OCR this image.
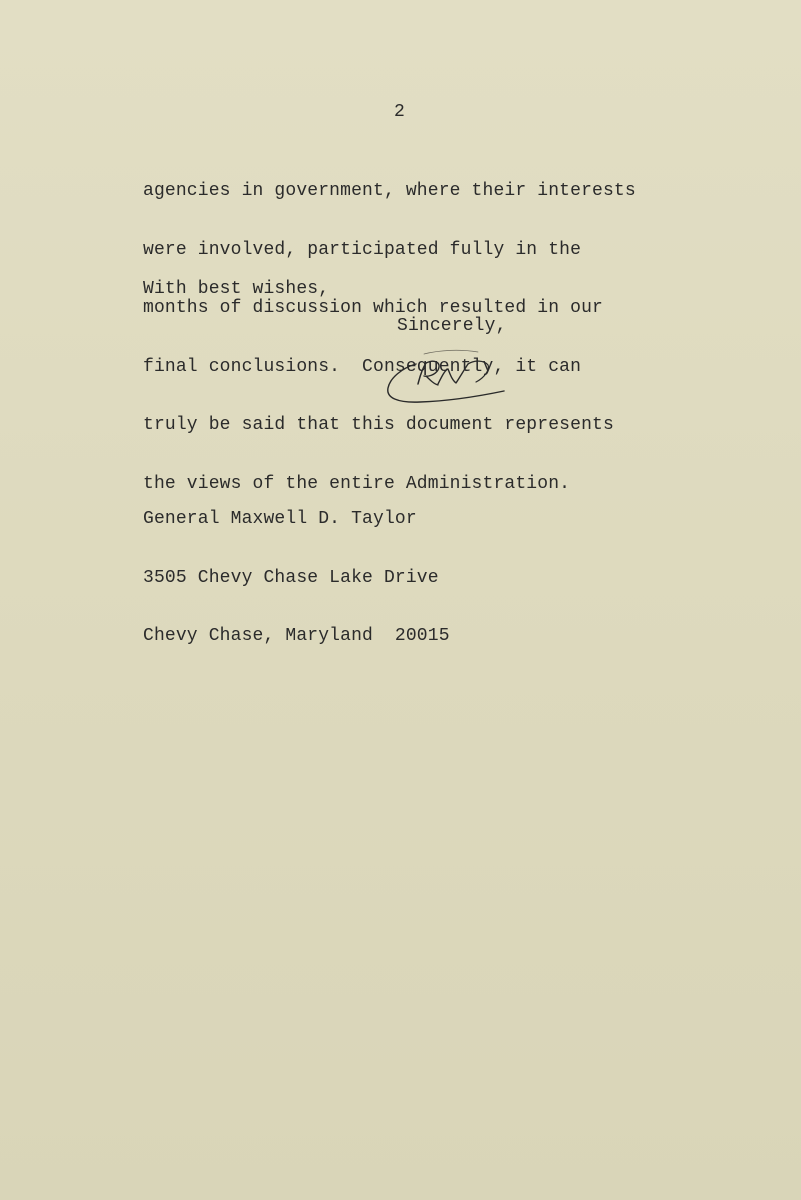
2

agencies in government, where their interests

were involved, participated fully in the

months of discussion which resulted in our

final conclusions.  Consequently, it can

truly be said that this document represents

the views of the entire Administration.

With best wishes,
Sincerely,

General Maxwell D. Taylor

3505 Chevy Chase Lake Drive

Chevy Chase, Maryland  20015
